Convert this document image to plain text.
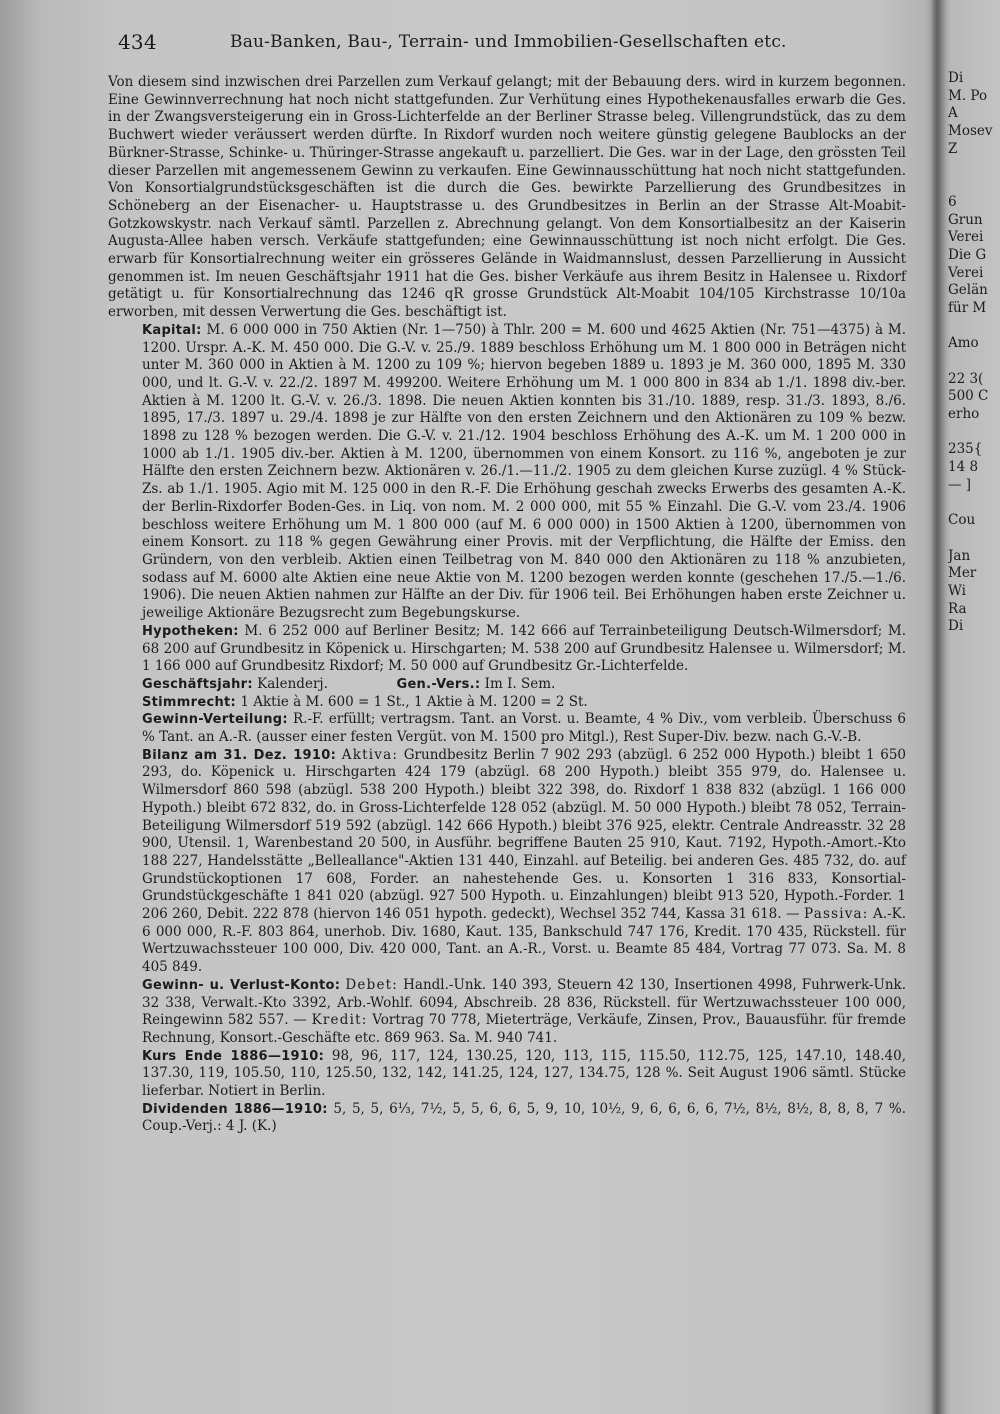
434	Bau-Banken, Bau-, Terrain- und Immobilien-Gesellschaften etc.

Von diesem sind inzwischen drei Parzellen zum Verkauf gelangt; mit der Bebauung ders. wird in kurzem begonnen. Eine Gewinnverrechnung hat noch nicht stattgefunden. Zur Verhütung eines Hypothekenausfalles erwarb die Ges. in der Zwangsversteigerung ein in Gross-Lichterfelde an der Berliner Strasse beleg. Villengrundstück, das zu dem Buchwert wieder veräussert werden dürfte. In Rixdorf wurden noch weitere günstig gelegene Baublocks an der Bürkner-Strasse, Schinke- u. Thüringer-Strasse angekauft u. parzelliert. Die Ges. war in der Lage, den grössten Teil dieser Parzellen mit angemessenem Gewinn zu verkaufen. Eine Gewinnausschüttung hat noch nicht stattgefunden. Von Konsortialgrundstücksgeschäften ist die durch die Ges. bewirkte Parzellierung des Grundbesitzes in Schöneberg an der Eisenacher- u. Hauptstrasse u. des Grundbesitzes in Berlin an der Strasse Alt-Moabit-Gotzkowskystr. nach Verkauf sämtl. Parzellen z. Abrechnung gelangt. Von dem Konsortialbesitz an der Kaiserin Augusta-Allee haben versch. Verkäufe stattgefunden; eine Gewinnausschüttung ist noch nicht erfolgt. Die Ges. erwarb für Konsortialrechnung weiter ein grösseres Gelände in Waidmannslust, dessen Parzellierung in Aussicht genommen ist. Im neuen Geschäftsjahr 1911 hat die Ges. bisher Verkäufe aus ihrem Besitz in Halensee u. Rixdorf getätigt u. für Konsortialrechnung das 1246 qR grosse Grundstück Alt-Moabit 104/105 Kirchstrasse 10/10a erworben, mit dessen Verwertung die Ges. beschäftigt ist.

Kapital: M. 6 000 000 in 750 Aktien (Nr. 1—750) à Thlr. 200 = M. 600 und 4625 Aktien (Nr. 751—4375) à M. 1200. Urspr. A.-K. M. 450 000. Die G.-V. v. 25./9. 1889 beschloss Erhöhung um M. 1 800 000 in Beträgen nicht unter M. 360 000 in Aktien à M. 1200 zu 109 %; hiervon begeben 1889 u. 1893 je M. 360 000, 1895 M. 330 000, und lt. G.-V. v. 22./2. 1897 M. 499200. Weitere Erhöhung um M. 1 000 800 in 834 ab 1./1. 1898 div.-ber. Aktien à M. 1200 lt. G.-V. v. 26./3. 1898. Die neuen Aktien konnten bis 31./10. 1889, resp. 31./3. 1893, 8./6. 1895, 17./3. 1897 u. 29./4. 1898 je zur Hälfte von den ersten Zeichnern und den Aktionären zu 109 % bezw. 1898 zu 128 % bezogen werden. Die G.-V. v. 21./12. 1904 beschloss Erhöhung des A.-K. um M. 1 200 000 in 1000 ab 1./1. 1905 div.-ber. Aktien à M. 1200, übernommen von einem Konsort. zu 116 %, angeboten je zur Hälfte den ersten Zeichnern bezw. Aktionären v. 26./1.—11./2. 1905 zu dem gleichen Kurse zuzügl. 4 % Stück-Zs. ab 1./1. 1905. Agio mit M. 125 000 in den R.-F. Die Erhöhung geschah zwecks Erwerbs des gesamten A.-K. der Berlin-Rixdorfer Boden-Ges. in Liq. von nom. M. 2 000 000, mit 55 % Einzahl. Die G.-V. vom 23./4. 1906 beschloss weitere Erhöhung um M. 1 800 000 (auf M. 6 000 000) in 1500 Aktien à 1200, übernommen von einem Konsort. zu 118 % gegen Gewährung einer Provis. mit der Verpflichtung, die Hälfte der Emiss. den Gründern, von den verbleib. Aktien einen Teilbetrag von M. 840 000 den Aktionären zu 118 % anzubieten, sodass auf M. 6000 alte Aktien eine neue Aktie von M. 1200 bezogen werden konnte (geschehen 17./5.—1./6. 1906). Die neuen Aktien nahmen zur Hälfte an der Div. für 1906 teil. Bei Erhöhungen haben erste Zeichner u. jeweilige Aktionäre Bezugsrecht zum Begebungskurse.

Hypotheken: M. 6 252 000 auf Berliner Besitz; M. 142 666 auf Terrainbeteiligung Deutsch-Wilmersdorf; M. 68 200 auf Grundbesitz in Köpenick u. Hirschgarten; M. 538 200 auf Grundbesitz Halensee u. Wilmersdorf; M. 1 166 000 auf Grundbesitz Rixdorf; M. 50 000 auf Grundbesitz Gr.-Lichterfelde.

Geschäftsjahr: Kalenderj.	Gen.-Vers.: Im I. Sem.

Stimmrecht: 1 Aktie à M. 600 = 1 St., 1 Aktie à M. 1200 = 2 St.

Gewinn-Verteilung: R.-F. erfüllt; vertragsm. Tant. an Vorst. u. Beamte, 4 % Div., vom verbleib. Überschuss 6 % Tant. an A.-R. (ausser einer festen Vergüt. von M. 1500 pro Mitgl.), Rest Super-Div. bezw. nach G.-V.-B.

Bilanz am 31. Dez. 1910: Aktiva: Grundbesitz Berlin 7 902 293 (abzügl. 6 252 000 Hypoth.) bleibt 1 650 293, do. Köpenick u. Hirschgarten 424 179 (abzügl. 68 200 Hypoth.) bleibt 355 979, do. Halensee u. Wilmersdorf 860 598 (abzügl. 538 200 Hypoth.) bleibt 322 398, do. Rixdorf 1 838 832 (abzügl. 1 166 000 Hypoth.) bleibt 672 832, do. in Gross-Lichterfelde 128 052 (abzügl. M. 50 000 Hypoth.) bleibt 78 052, Terrain-Beteiligung Wilmersdorf 519 592 (abzügl. 142 666 Hypoth.) bleibt 376 925, elektr. Centrale Andreasstr. 32 28 900, Utensil. 1, Warenbestand 20 500, in Ausführ. begriffene Bauten 25 910, Kaut. 7192, Hypoth.-Amort.-Kto 188 227, Handelsstätte „Belleallance"-Aktien 131 440, Einzahl. auf Beteilig. bei anderen Ges. 485 732, do. auf Grundstückoptionen 17 608, Forder. an nahestehende Ges. u. Konsorten 1 316 833, Konsortial-Grundstückgeschäfte 1 841 020 (abzügl. 927 500 Hypoth. u. Einzahlungen) bleibt 913 520, Hypoth.-Forder. 1 206 260, Debit. 222 878 (hiervon 146 051 hypoth. gedeckt), Wechsel 352 744, Kassa 31 618. — Passiva: A.-K. 6 000 000, R.-F. 803 864, unerhob. Div. 1680, Kaut. 135, Bankschuld 747 176, Kredit. 170 435, Rückstell. für Wertzuwachssteuer 100 000, Div. 420 000, Tant. an A.-R., Vorst. u. Beamte 85 484, Vortrag 77 073. Sa. M. 8 405 849.

Gewinn- u. Verlust-Konto: Debet: Handl.-Unk. 140 393, Steuern 42 130, Insertionen 4998, Fuhrwerk-Unk. 32 338, Verwalt.-Kto 3392, Arb.-Wohlf. 6094, Abschreib. 28 836, Rückstell. für Wertzuwachssteuer 100 000, Reingewinn 582 557. — Kredit: Vortrag 70 778, Mieterträge, Verkäufe, Zinsen, Prov., Bauausführ. für fremde Rechnung, Konsort.-Geschäfte etc. 869 963. Sa. M. 940 741.

Kurs Ende 1886—1910: 98, 96, 117, 124, 130.25, 120, 113, 115, 115.50, 112.75, 125, 147.10, 148.40, 137.30, 119, 105.50, 110, 125.50, 132, 142, 141.25, 124, 127, 134.75, 128 %. Seit August 1906 sämtl. Stücke lieferbar. Notiert in Berlin.

Dividenden 1886—1910: 5, 5, 5, 6⅓, 7½, 5, 5, 6, 6, 5, 9, 10, 10½, 9, 6, 6, 6, 6, 7½, 8½, 8½, 8, 8, 8, 7 %. Coup.-Verj.: 4 J. (K.)

Di
M. Po
A
Mosev
Z
6
Grun
Verei
Die G
Verei
Gelän
für M
Amo
22 3(
500 C
erho
235{
14 8
— ]
Cou
Jan
Mer
Wi
Ra
Di
